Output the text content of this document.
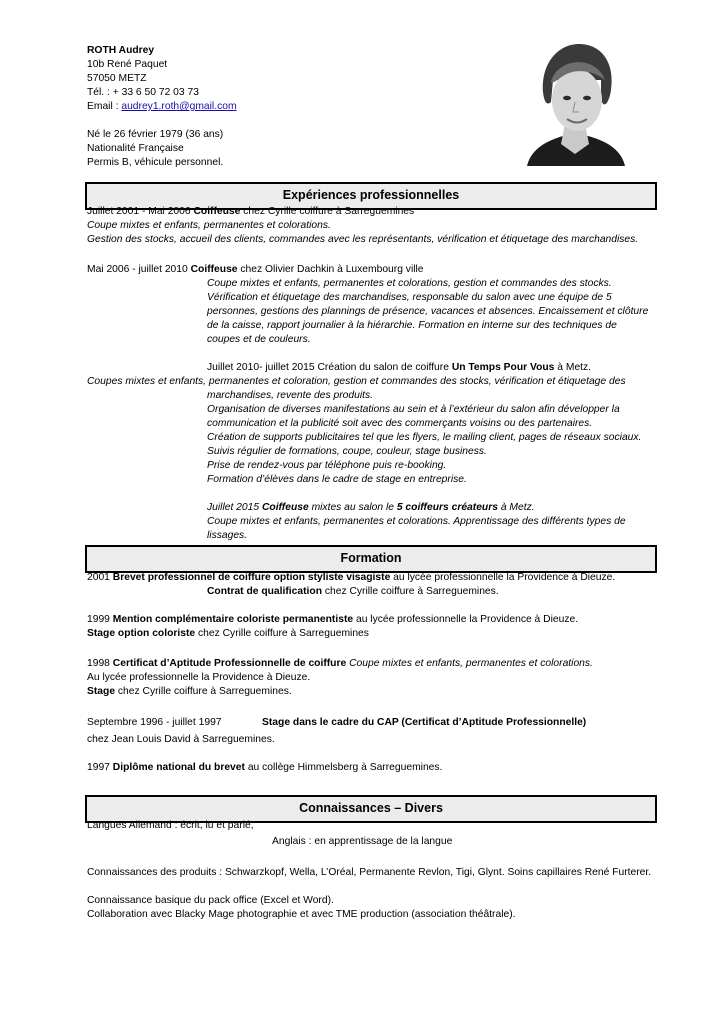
ROTH Audrey
10b René Paquet
57050 METZ
Tél. : + 33 6 50 72 03 73
Email : audrey1.roth@gmail.com
Né le 26 février 1979 (36 ans)
Nationalité Française
Permis B, véhicule personnel.
Expériences professionnelles
Juillet 2001 - Mai 2006 Coiffeuse chez Cyrille coiffure à Sarreguemines
Coupe mixtes et enfants, permanentes et colorations.
Gestion des stocks, accueil des clients, commandes avec les représentants, vérification et étiquetage des marchandises.
Mai 2006 - juillet 2010 Coiffeuse chez Olivier Dachkin à Luxembourg ville
Coupe mixtes et enfants, permanentes et colorations, gestion et commandes des stocks.
Vérification et étiquetage des marchandises, responsable du salon avec une équipe de 5
personnes, gestions des plannings de présence, vacances et absences. Encaissement et clôture
de la caisse, rapport journalier à la hiérarchie. Formation en interne sur des techniques de
coupes et de couleurs.
Juillet 2010- juillet 2015 Création du salon de coiffure Un Temps Pour Vous à Metz.
Coupes mixtes et enfants, permanentes et coloration, gestion et commandes des stocks, vérification et étiquetage des
marchandises, revente des produits.
Organisation de diverses manifestations au sein et à l’extérieur du salon afin développer la
communication et la publicité soit avec des commerçants voisins ou des partenaires.
Création de supports publicitaires tel que les flyers, le mailing client, pages de réseaux sociaux.
Suivis régulier de formations, coupe, couleur, stage business.
Prise de rendez-vous par téléphone puis re-booking.
Formation d’élèves dans le cadre de stage en entreprise.
Juillet 2015 Coiffeuse mixtes au salon le 5 coiffeurs créateurs à Metz.
Coupe mixtes et enfants, permanentes et colorations. Apprentissage des différents types de
lissages.
Formation
2001 Brevet professionnel de coiffure option styliste visagiste au lycée professionnelle la Providence à Dieuze.
Contrat de qualification chez Cyrille coiffure à Sarreguemines.
1999 Mention complémentaire coloriste permanentiste au lycée professionnelle la Providence à Dieuze.
Stage option coloriste chez Cyrille coiffure à Sarreguemines
1998 Certificat d’Aptitude Professionnelle de coiffure Coupe mixtes et enfants, permanentes et colorations.
Au lycée professionnelle la Providence à Dieuze.
Stage chez Cyrille coiffure à Sarreguemines.
Septembre 1996 - juillet 1997	Stage dans le cadre du CAP (Certificat d’Aptitude Professionnelle)
chez Jean Louis David à Sarreguemines.
1997 Diplôme national du brevet au collège Himmelsberg à Sarreguemines.
Connaissances – Divers
Langues Allemand : écrit, lu et parlé,
Anglais : en apprentissage de la langue
Connaissances des produits : Schwarzkopf, Wella, L’Oréal, Permanente Revlon, Tigi, Glynt. Soins capillaires René Furterer.
Connaissance basique du pack office (Excel et Word).
Collaboration avec Blacky Mage photographie et avec TME production (association théâtrale).
